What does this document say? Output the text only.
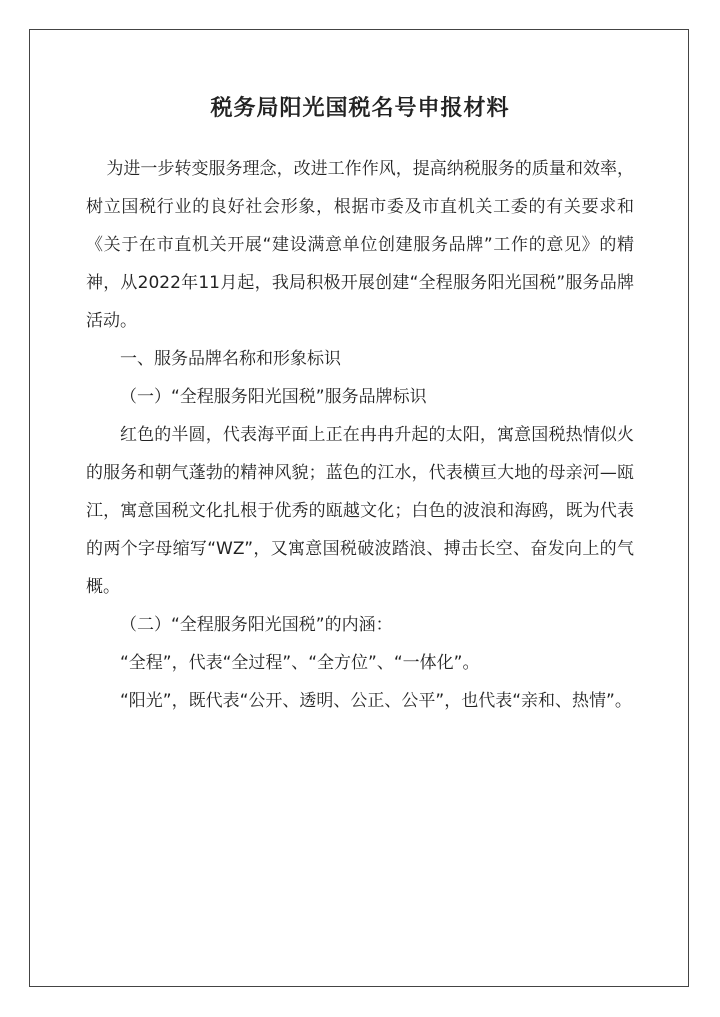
税务局阳光国税名号申报材料

为进一步转变服务理念，改进工作作风，提高纳税服务的质量和效率，树立国税行业的良好社会形象，根据市委及市直机关工委的有关要求和《关于在市直机关开展“建设满意单位创建服务品牌”工作的意见》的精神，从2022年11月起，我局积极开展创建“全程服务阳光国税”服务品牌活动。

一、服务品牌名称和形象标识

（一）“全程服务阳光国税”服务品牌标识

红色的半圆，代表海平面上正在冉冉升起的太阳，寓意国税热情似火的服务和朝气蓬勃的精神风貌；蓝色的江水，代表横亘大地的母亲河—瓯江，寓意国税文化扎根于优秀的瓯越文化；白色的波浪和海鸥，既为代表的两个字母缩写“WZ”，又寓意国税破波踏浪、搏击长空、奋发向上的气概。

（二）“全程服务阳光国税”的内涵：

“全程”，代表“全过程”、“全方位”、“一体化”。

“阳光”，既代表“公开、透明、公正、公平”，也代表“亲和、热情”。
